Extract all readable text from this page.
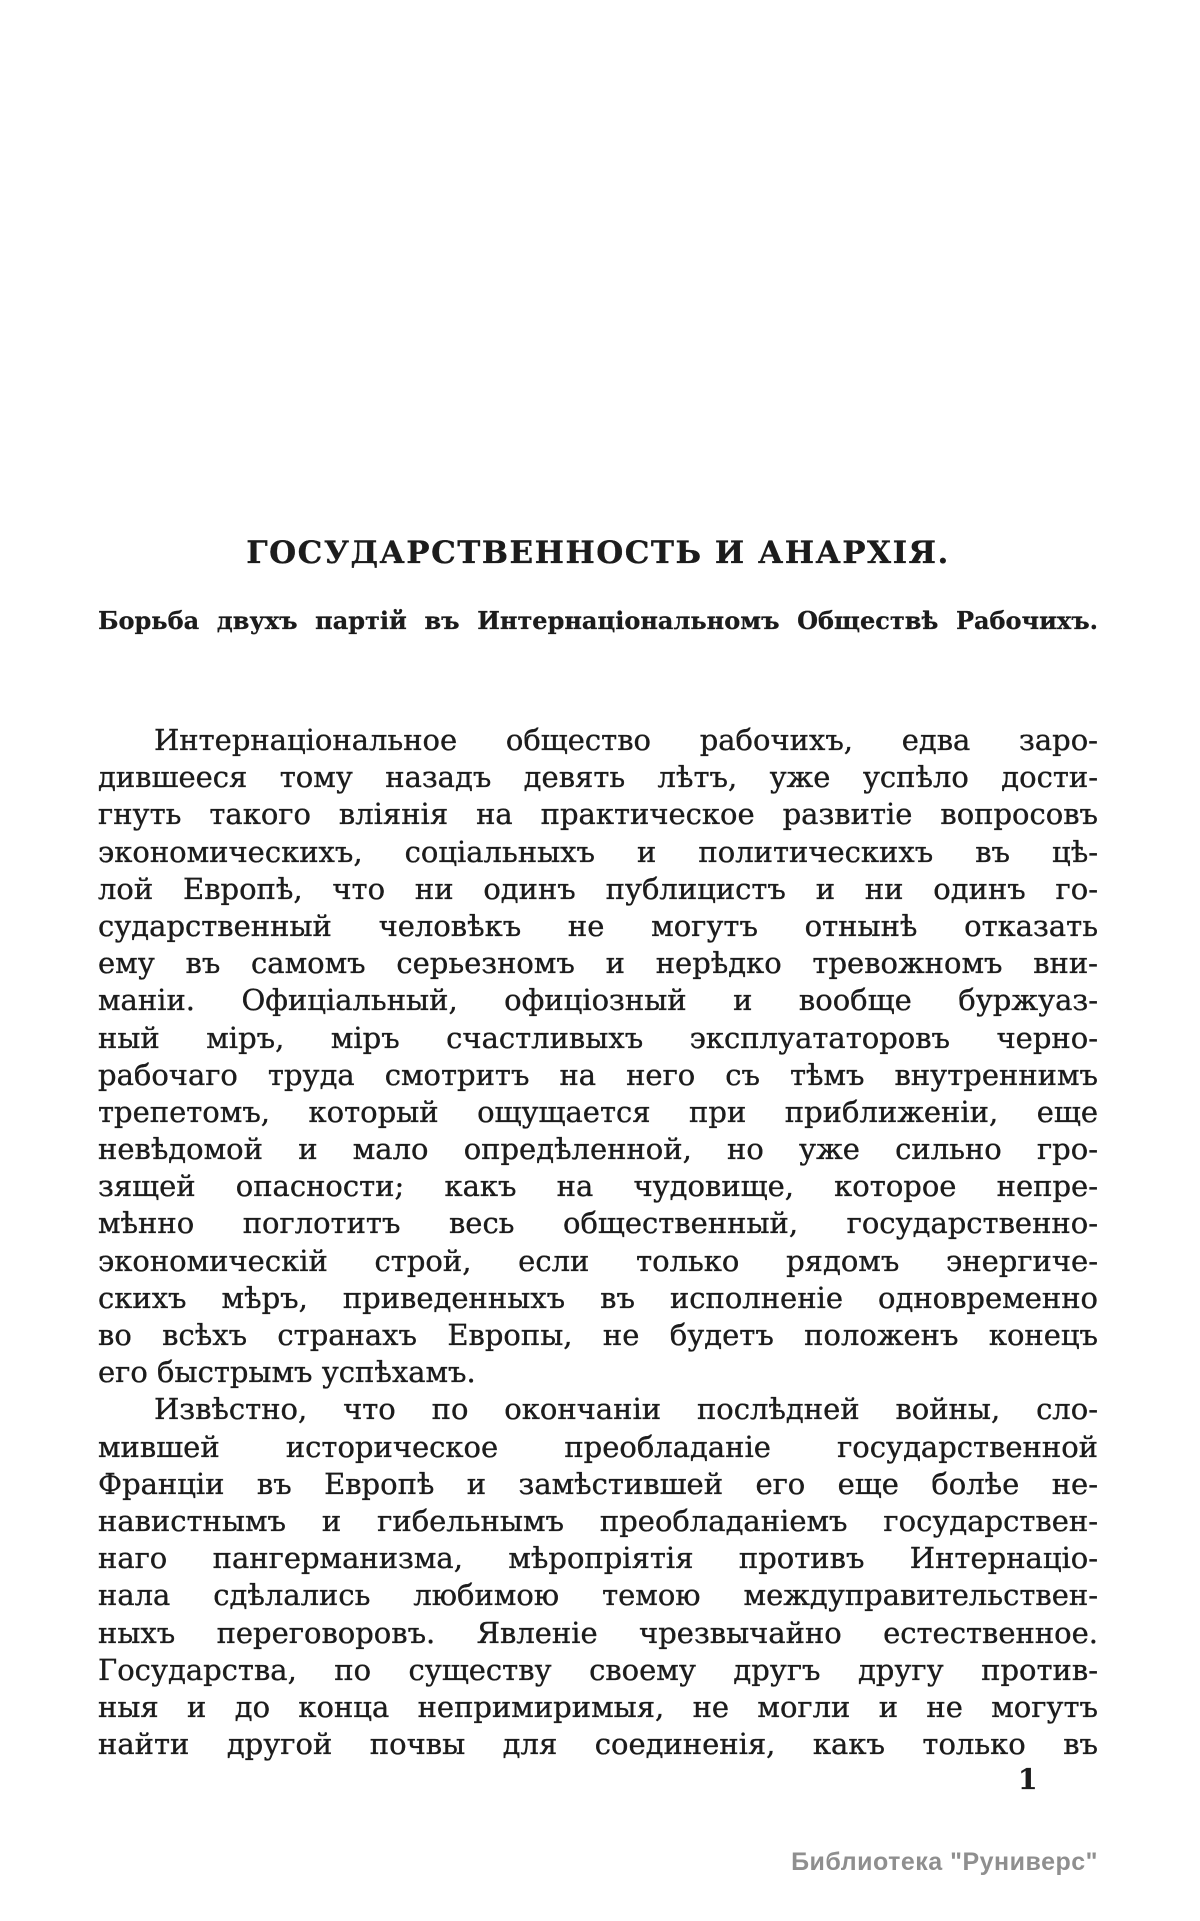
ГОСУДАРСТВЕННОСТЬ И АНАРХІЯ.
Борьба двухъ партій въ Интернаціональномъ Обществѣ Рабочихъ.
Интернаціональное общество рабочихъ, едва заро-
дившееся тому назадъ девять лѣтъ, уже успѣло дости-
гнуть такого вліянія на практическое развитіе вопросовъ
экономическихъ, соціальныхъ и политическихъ въ цѣ-
лой Европѣ, что ни одинъ публицистъ и ни одинъ го-
сударственный человѣкъ не могутъ отнынѣ отказать
ему въ самомъ серьезномъ и нерѣдко тревожномъ вни-
маніи. Офиціальный, офиціозный и вообще буржуаз-
ный міръ, міръ счастливыхъ эксплуататоровъ черно-
рабочаго труда смотритъ на него съ тѣмъ внутреннимъ
трепетомъ, который ощущается при приближеніи, еще
невѣдомой и мало опредѣленной, но уже сильно гро-
зящей опасности; какъ на чудовище, которое непре-
мѣнно поглотитъ весь общественный, государственно-
экономическій строй, если только рядомъ энергиче-
скихъ мѣръ, приведенныхъ въ исполненіе одновременно
во всѣхъ странахъ Европы, не будетъ положенъ конецъ
его быстрымъ успѣхамъ.
Извѣстно, что по окончаніи послѣдней войны, сло-
мившей историческое преобладаніе государственной
Франціи въ Европѣ и замѣстившей его еще болѣе не-
навистнымъ и гибельнымъ преобладаніемъ государствен-
наго пангерманизма, мѣропріятія противъ Интернаціо-
нала сдѣлались любимою темою междуправительствен-
ныхъ переговоровъ. Явленіе чрезвычайно естественное.
Государства, по существу своему другъ другу против-
ныя и до конца непримиримыя, не могли и не могутъ
найти другой почвы для соединенія, какъ только въ
1
Библиотека "Руниверс"
